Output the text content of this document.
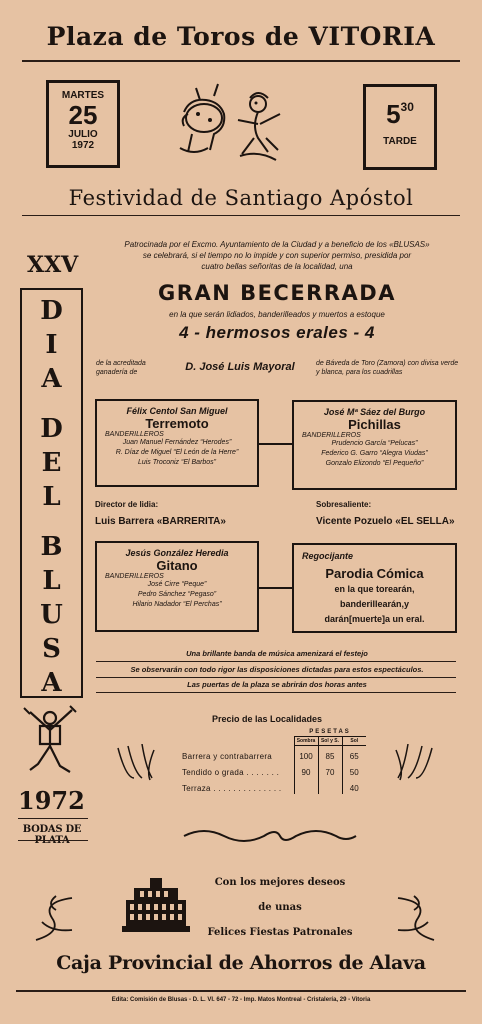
Plaza de Toros de VITORIA
MARTES
25
JULIO
1972
$5^{30}$
TARDE
Festividad de Santiago Apóstol
XXV
D
I
A
D
E
L
B
L
U
S
A
1972
BODAS DE
Patrocinada por el Excmo. Ayuntamiento de la Ciudad y a beneficio de los «BLUSAS»
se celebrará, si el tiempo no lo impide y con superior permiso, presidida por
cuatro bellas señoritas de la localidad, una
GRAN BECERRADA
en la que serán lidiados, banderilleados y muertos a estoque
4 - hermosos erales - 4
de la acreditada ganadería de	D. José Luis Mayoral	de Báveda de Toro (Zamora) con divisa verde y blanca, para los cuadrillas
Félix Centol San Miguel
Terremoto
BANDERILLEROS
Juan Manuel Fernández “Herodes”
R. Díaz de Miguel “El León de la Herre”
Luis Troconiz “El Barbos”
José Mª Sáez del Burgo
Pichillas
BANDERILLEROS
Prudencio García “Pelucas”
Federico G. Garro “Alegra Viudas”
Gonzalo Elizondo “El Pequeño”
Director de lidia:
Luis Barrera «BARRERITA»
Sobresaliente:
Vicente Pozuelo «EL SELLA»
Jesús González Heredia
Gitano
BANDERILLEROS
José Cirre “Peque”
Pedro Sánchez “Pegaso”
Hilario Nadador “El Perchas”
Regocijante
Parodia Cómica
en la que torearán,
banderillearán,y
darán[muerte]a un eral.
Una brillante banda de música amenizará el festejo
Se observarán con todo rigor las disposiciones dictadas para estos espectáculos.
Las puertas de la plaza se abrirán dos horas antes
Precio de las Localidades
	PESETAS		
	Sombra	Sol y S.	Sol
Barrera y contrabarrera	100	85	65
Tendido o grada . . . . . . .	90	70	50
Terraza . . . . . . . . . . . . . .			40
Con los mejores deseos
de unas
Felices Fiestas Patronales
Caja Provincial de Ahorros de Alava
Edita: Comisión de Blusas - D. L. VI. 647 - 72 - Imp. Matos Montreal - Cristalería, 29 - Vitoria
